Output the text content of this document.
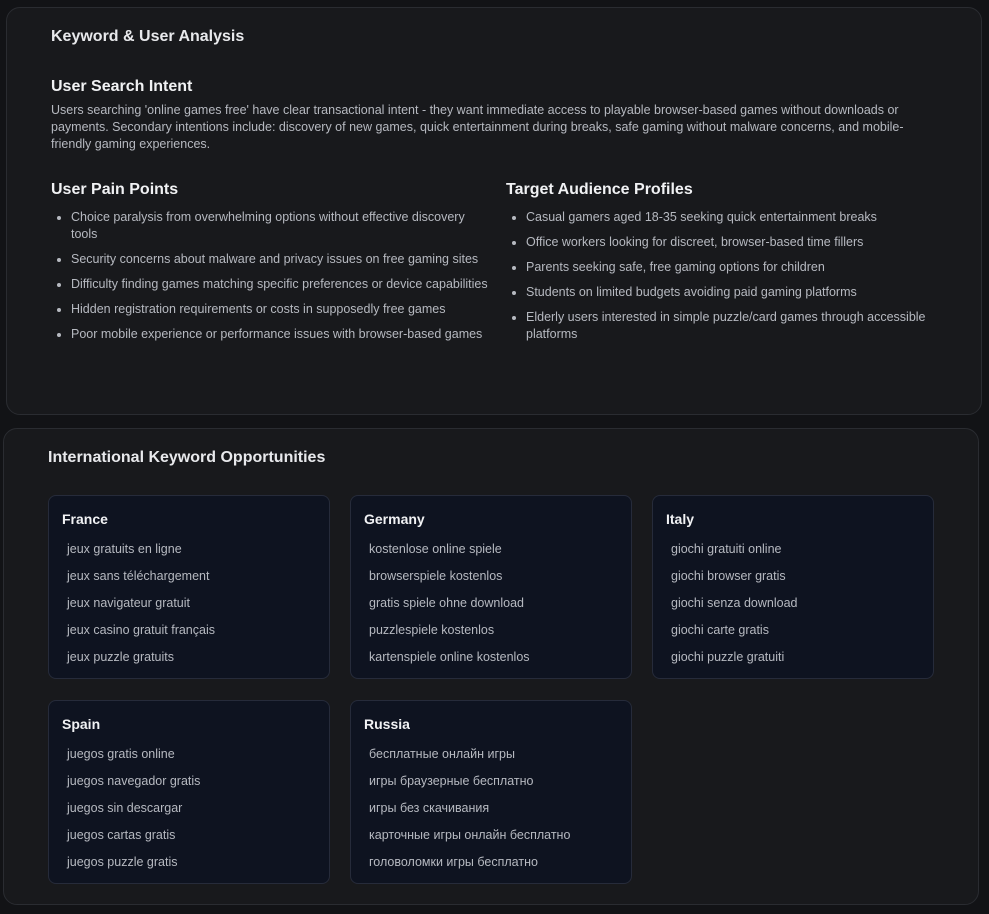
Keyword & User Analysis
User Search Intent

Users searching 'online games free' have clear transactional intent - they want immediate access to playable browser-based games without downloads or payments. Secondary intentions include: discovery of new games, quick entertainment during breaks, safe gaming without malware concerns, and mobile-friendly gaming experiences.

User Pain Points
• Choice paralysis from overwhelming options without effective discovery tools
• Security concerns about malware and privacy issues on free gaming sites
• Difficulty finding games matching specific preferences or device capabilities
• Hidden registration requirements or costs in supposedly free games
• Poor mobile experience or performance issues with browser-based games
Target Audience Profiles
• Casual gamers aged 18-35 seeking quick entertainment breaks
• Office workers looking for discreet, browser-based time fillers
• Parents seeking safe, free gaming options for children
• Students on limited budgets avoiding paid gaming platforms
• Elderly users interested in simple puzzle/card games through accessible platforms
International Keyword Opportunities
France
jeux gratuits en ligne
jeux sans téléchargement
jeux navigateur gratuit
jeux casino gratuit français
jeux puzzle gratuits
Germany
kostenlose online spiele
browserspiele kostenlos
gratis spiele ohne download
puzzlespiele kostenlos
kartenspiele online kostenlos
Italy
giochi gratuiti online
giochi browser gratis
giochi senza download
giochi carte gratis
giochi puzzle gratuiti
Spain
juegos gratis online
juegos navegador gratis
juegos sin descargar
juegos cartas gratis
juegos puzzle gratis
Russia
бесплатные онлайн игры
игры браузерные бесплатно
игры без скачивания
карточные игры онлайн бесплатно
головоломки игры бесплатно
